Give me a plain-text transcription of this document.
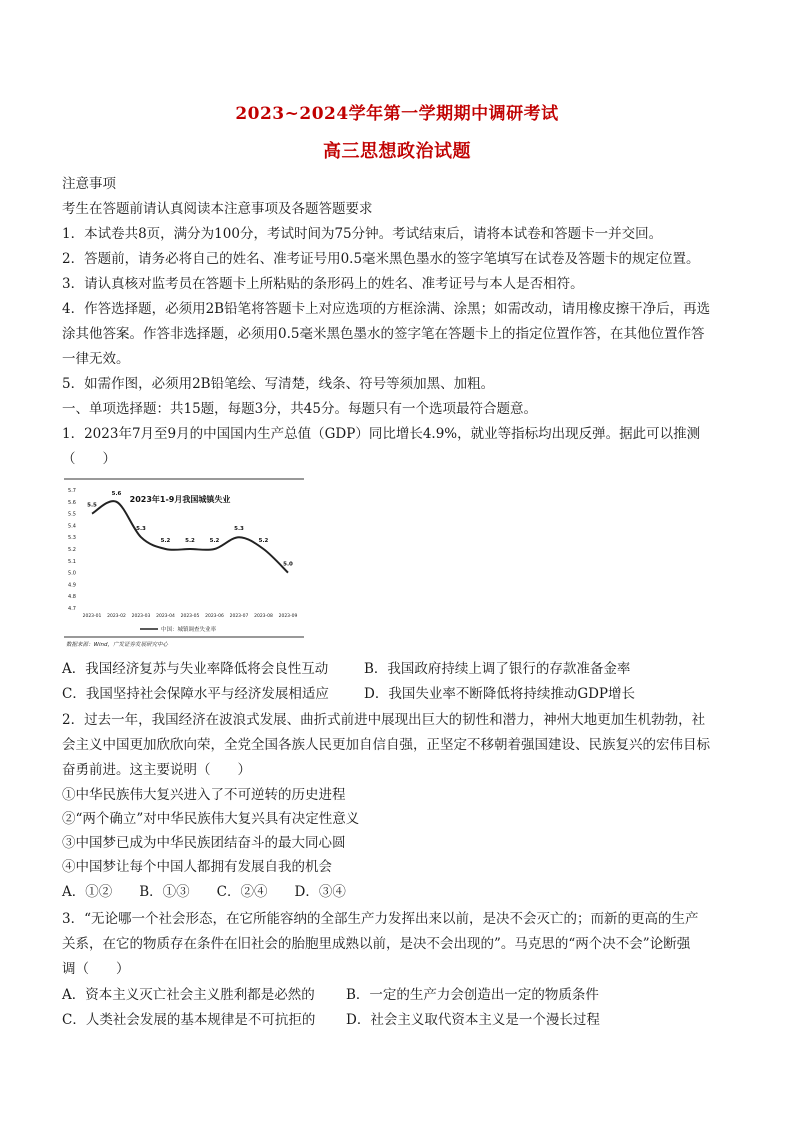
2023~2024学年第一学期期中调研考试
高三思想政治试题
注意事项
考生在答题前请认真阅读本注意事项及各题答题要求
1．本试卷共8页，满分为100分，考试时间为75分钟。考试结束后，请将本试卷和答题卡一并交回。
2．答题前，请务必将自己的姓名、准考证号用0.5毫米黑色墨水的签字笔填写在试卷及答题卡的规定位置。
3．请认真核对监考员在答题卡上所粘贴的条形码上的姓名、准考证号与本人是否相符。
4．作答选择题，必须用2B铅笔将答题卡上对应选项的方框涂满、涂黑；如需改动，请用橡皮擦干净后，再选
涂其他答案。作答非选择题，必须用0.5毫米黑色墨水的签字笔在答题卡上的指定位置作答，在其他位置作答
一律无效。
5．如需作图，必须用2B铅笔绘、写清楚，线条、符号等须加黑、加粗。
一、单项选择题：共15题，每题3分，共45分。每题只有一个选项最符合题意。
1．2023年7月至9月的中国国内生产总值（GDP）同比增长4.9%，就业等指标均出现反弹。据此可以推测
（　　）
2023年1-9月我国城镇失业
5.7
5.6
5.5
5.4
5.3
5.2
5.1
5.0
4.9
4.8
4.7
2023-01 2023-02 2023-03 2023-04 2023-05 2023-06 2023-07 2023-08 2023-09
5.5
5.6
5.3
5.2	5.2	5.2
5.3
5.2
5.0
中国：城镇调查失业率
数据来源：Wind，广发证券发展研究中心
A．我国经济复苏与失业率降低将会良性互动	B．我国政府持续上调了银行的存款准备金率
C．我国坚持社会保障水平与经济发展相适应	D．我国失业率不断降低将持续推动GDP增长
2．过去一年，我国经济在波浪式发展、曲折式前进中展现出巨大的韧性和潜力，神州大地更加生机勃勃，社
会主义中国更加欣欣向荣，全党全国各族人民更加自信自强，正坚定不移朝着强国建设、民族复兴的宏伟目标
奋勇前进。这主要说明（　　）
①中华民族伟大复兴进入了不可逆转的历史进程
②“两个确立”对中华民族伟大复兴具有决定性意义
③中国梦已成为中华民族团结奋斗的最大同心圆
④中国梦让每个中国人都拥有发展自我的机会
A．①②　　B．①③　　C．②④　　D．③④
3．“无论哪一个社会形态，在它所能容纳的全部生产力发挥出来以前，是决不会灭亡的；而新的更高的生产
关系，在它的物质存在条件在旧社会的胎胞里成熟以前，是决不会出现的”。马克思的“两个决不会”论断强
调（　　）
A．资本主义灭亡社会主义胜利都是必然的 B．一定的生产力会创造出一定的物质条件
C．人类社会发展的基本规律是不可抗拒的 D．社会主义取代资本主义是一个漫长过程
